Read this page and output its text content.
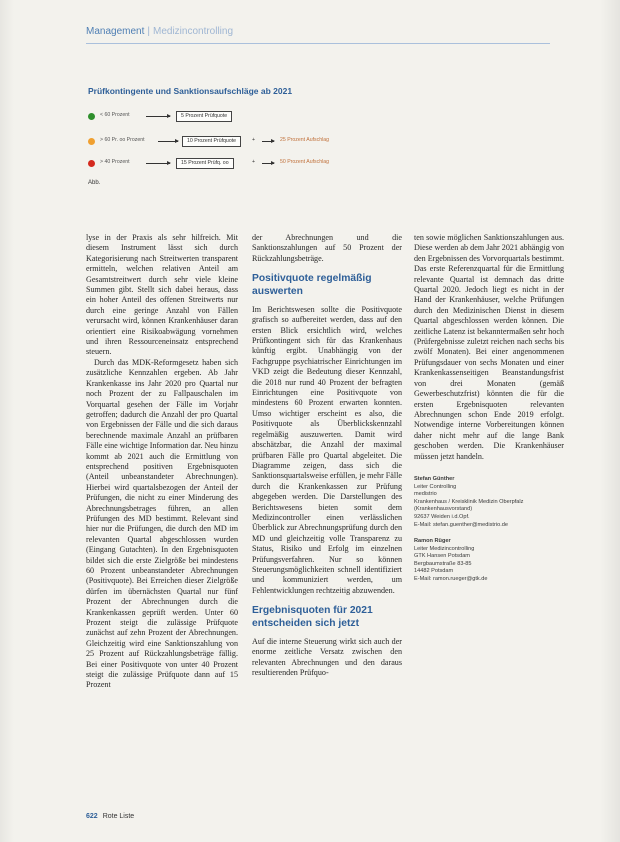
Management | Medizincontrolling
Prüfkontingente und Sanktionsaufschläge ab 2021
< 60 Prozent	5 Prozent Prüfquote
> 60 Pr. oo Prozent	10 Prozent Prüfquote	+	25 Prozent Aufschlag
> 40 Prozent	15 Prozent Prüfq. oo	+	50 Prozent Aufschlag
Abb.

lyse in der Praxis als sehr hilfreich. Mit diesem Instrument lässt sich durch Kategorisierung nach Streitwerten transparent ermitteln, welchen relativen Anteil am Gesamtstreitwert durch sehr viele kleine Summen gibt. Stellt sich dabei heraus, dass ein hoher Anteil des offenen Streitwerts nur durch eine geringe Anzahl von Fällen verursacht wird, können Krankenhäuser daran orientiert eine Risikoabwägung vornehmen und ihren Ressourceneinsatz entsprechend steuern.

Durch das MDK-Reformgesetz haben sich zusätzliche Kennzahlen ergeben. Ab Jahr Krankenkasse ins Jahr 2020 pro Quartal nur noch Prozent der zu Fallpauschalen im Vorquartal gesehen der Fälle im Vorjahr getroffen; dadurch die Anzahl der pro Quartal von Ergebnissen der Fälle und die sich daraus berechnende maximale Anzahl an prüfbaren Fälle eine wichtige Information dar. Neu hinzu kommt ab 2021 auch die Ermittlung von entsprechend positiven Ergebnisquoten (Anteil unbeanstandeter Abrechnungen). Hierbei wird quartalsbezogen der Anteil der Prüfungen, die nicht zu einer Minderung des Abrechnungsbetrages führen, an allen Prüfungen des MD bestimmt. Relevant sind hier nur die Prüfungen, die durch den MD im relevanten Quartal abgeschlossen wurden (Eingang Gutachten). In den Ergebnisquoten bildet sich die erste Zielgröße bei mindestens 60 Prozent unbeanstandeter Abrechnungen (Positivquote). Bei Erreichen dieser Zielgröße dürfen im übernächsten Quartal nur fünf Prozent der Abrechnungen durch die Krankenkassen geprüft werden. Unter 60 Prozent steigt die zulässige Prüfquote zunächst auf zehn Prozent der Abrechnungen. Gleichzeitig wird eine Sanktionszahlung von 25 Prozent auf Rückzahlungsbeträge fällig. Bei einer Positivquote von unter 40 Prozent steigt die zulässige Prüfquote dann auf 15 Prozent

der Abrechnungen und die Sanktionszahlungen auf 50 Prozent der Rückzahlungsbeträge.

Positivquote regelmäßig auswerten

Im Berichtswesen sollte die Positivquote grafisch so aufbereitet werden, dass auf den ersten Blick ersichtlich wird, welches Prüfkontingent sich für das Krankenhaus künftig ergibt. Unabhängig von der Fachgruppe psychiatrischer Einrichtungen im VKD zeigt die Bedeutung dieser Kennzahl, die 2018 nur rund 40 Prozent der befragten Einrichtungen eine Positivquote von mindestens 60 Prozent erwarten konnten. Umso wichtiger erscheint es also, die Positivquote als Überblickskennzahl regelmäßig auszuwerten. Damit wird abschätzbar, die Anzahl der maximal prüfbaren Fälle pro Quartal abgeleitet. Die Diagramme zeigen, dass sich die Sanktionsquartalsweise erfüllen, je mehr Fälle durch die Krankenkassen zur Prüfung abgegeben werden. Die Darstellungen des Berichtswesens bieten somit dem Medizincontroller einen verlässlichen Überblick zur Abrechnungsprüfung durch den MD und gleichzeitig volle Transparenz zu Status, Risiko und Erfolg im einzelnen Prüfungsverfahren. Nur so können Steuerungsmöglichkeiten schnell identifiziert und kommuniziert werden, um Fehlentwicklungen rechtzeitig abzuwenden.

Ergebnisquoten für 2021 entscheiden sich jetzt

Auf die interne Steuerung wirkt sich auch der enorme zeitliche Versatz zwischen den relevanten Abrechnungen und den daraus resultierenden Prüfquo-

ten sowie möglichen Sanktionszahlungen aus. Diese werden ab dem Jahr 2021 abhängig von den Ergebnissen des Vorvorquartals bestimmt. Das erste Referenzquartal für die Ermittlung relevante Quartal ist demnach das dritte Quartal 2020. Jedoch liegt es nicht in der Hand der Krankenhäuser, welche Prüfungen durch den Medizinischen Dienst in diesem Quartal abgeschlossen werden können. Die zeitliche Latenz ist bekanntermaßen sehr hoch (Prüfergebnisse zuletzt reichen nach sechs bis zwölf Monaten). Bei einer angenommenen Prüfungsdauer von sechs Monaten und einer Krankenkassenseitigen Beanstandungsfrist von drei Monaten (gemäß Gewerbeschutzfrist) könnten die für die ersten Ergebnisquoten relevanten Abrechnungen schon Ende 2019 erfolgt. Notwendige interne Vorbereitungen können daher nicht mehr auf die lange Bank geschoben werden. Die Krankenhäuser müssen jetzt handeln.

Stefan Günther

Leiter Controlling

medistrio

Krankenhaus / Kreisklinik Medizin Oberpfalz

(Krankenhausvorstand)

92637 Weiden i.d.Opf.

E-Mail: stefan.guenther@medistrio.de

Ramon Rüger

Leiter Medizincontrolling

GTK Hansen Potsdam

Bergbaumstraße 83-85

14482 Potsdam

E-Mail: ramon.rueger@gtk.de

622 Rote Liste
